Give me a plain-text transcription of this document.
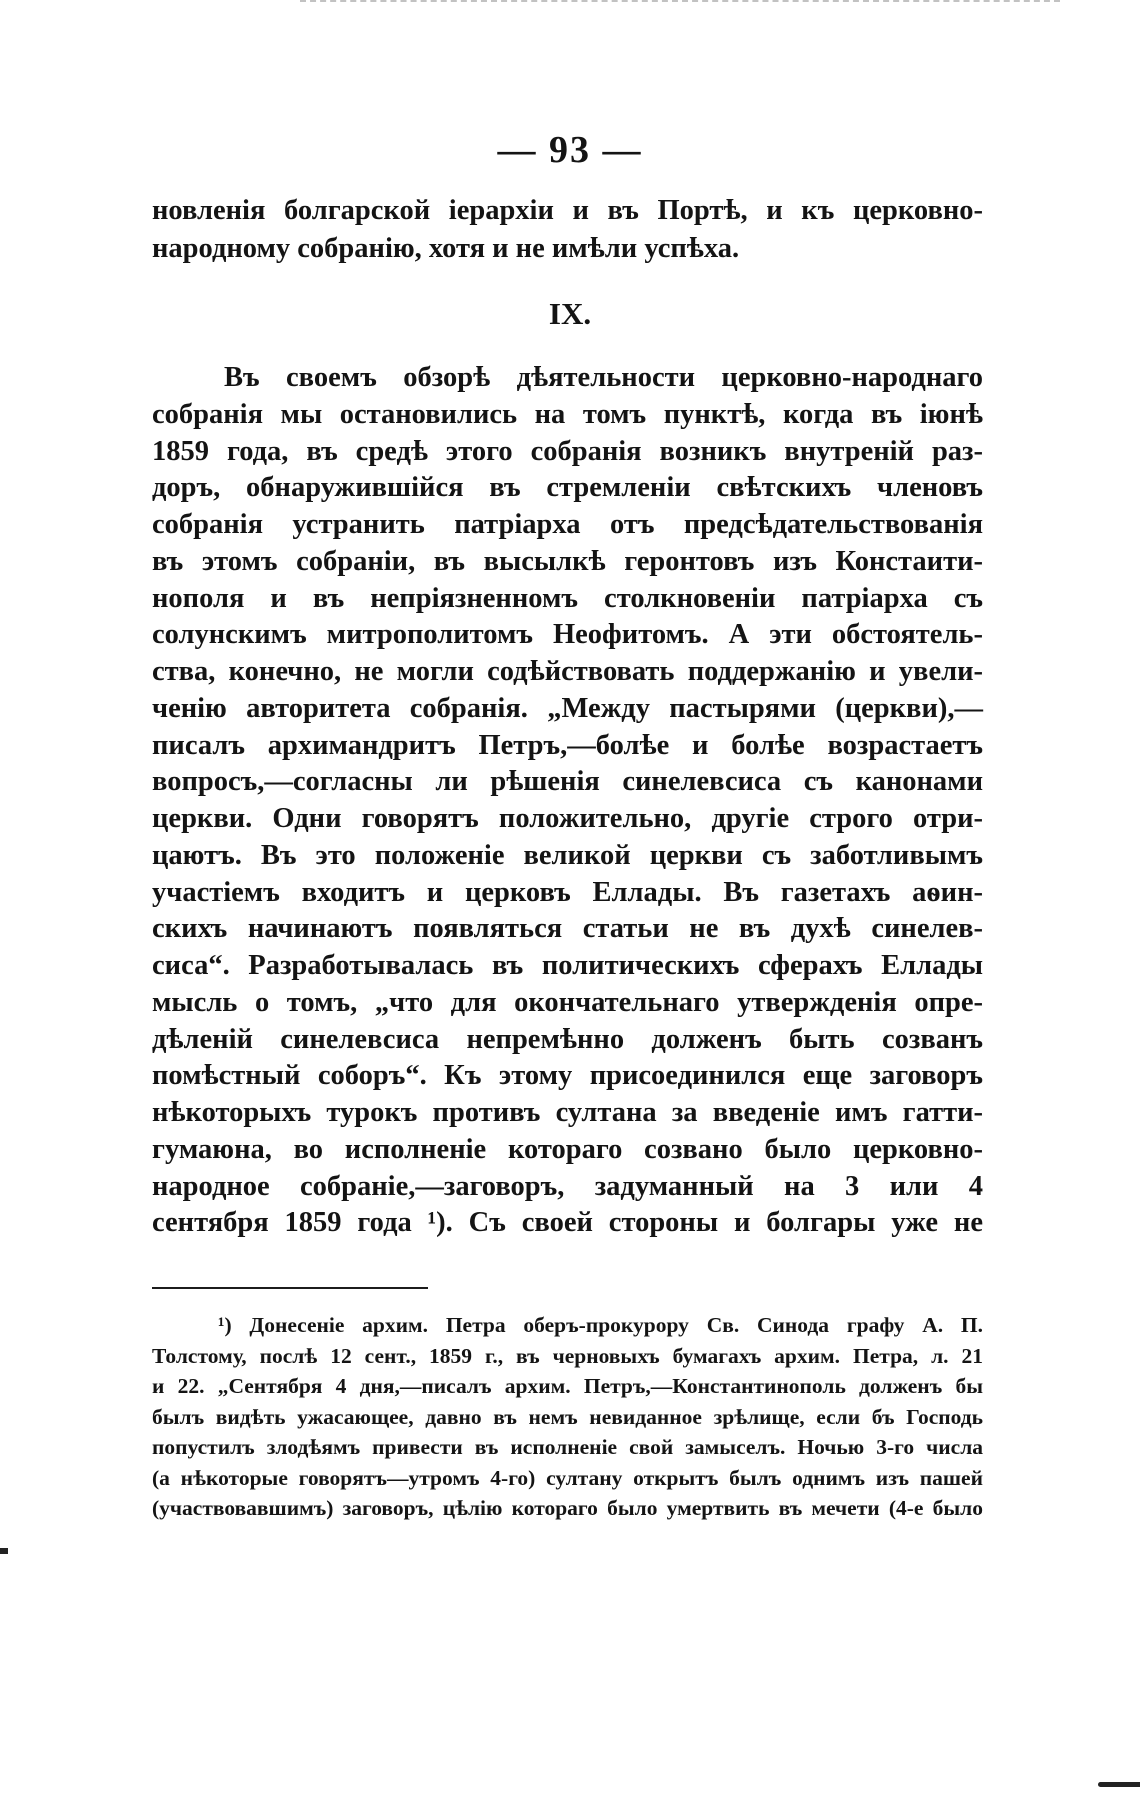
— 93 —
новленія болгарской іерархіи и въ Портѣ, и къ церковно-
народному собранію, хотя и не имѣли успѣха.
IX.
Въ своемъ обзорѣ дѣятельности церковно-народнаго
собранія мы остановились на томъ пунктѣ, когда въ іюнѣ
1859 года, въ средѣ этого собранія возникъ внутреній раз-
доръ, обнаружившійся въ стремленіи свѣтскихъ членовъ
собранія устранить патріарха отъ предсѣдательствованія
въ этомъ собраніи, въ высылкѣ геронтовъ изъ Констаити-
нополя и въ непріязненномъ столкновеніи патріарха съ
солунскимъ митрополитомъ Неофитомъ. А эти обстоятель-
ства, конечно, не могли содѣйствовать поддержанію и увели-
ченію авторитета собранія. „Между пастырями (церкви),—
писалъ архимандритъ Петръ,—болѣе и болѣе возрастаетъ
вопросъ,—согласны ли рѣшенія синелевсиса съ канонами
церкви. Одни говорятъ положительно, другіе строго отри-
цаютъ. Въ это положеніе великой церкви съ заботливымъ
участіемъ входитъ и церковъ Еллады. Въ газетахъ аѳин-
скихъ начинаютъ появляться статьи не въ духѣ синелев-
сиса“. Разработывалась въ политическихъ сферахъ Еллады
мысль о томъ, „что для окончательнаго утвержденія опре-
дѣленій синелевсиса непремѣнно долженъ быть созванъ
помѣстный соборъ“. Къ этому присоединился еще заговоръ
нѣкоторыхъ турокъ противъ султана за введеніе имъ гатти-
гумаюна, во исполненіе котораго созвано было церковно-
народное собраніе,—заговоръ, задуманный на 3 или 4
сентября 1859 года ¹). Съ своей стороны и болгары уже не
¹) Донесеніе архим. Петра оберъ-прокурору Св. Синода графу А. П.
Толстому, послѣ 12 сент., 1859 г., въ черновыхъ бумагахъ архим. Петра, л. 21
и 22. „Сентября 4 дня,—писалъ архим. Петръ,—Константинополь долженъ бы
былъ видѣть ужасающее, давно въ немъ невиданное зрѣлище, если бъ Господь
попустилъ злодѣямъ привести въ исполненіе свой замыселъ. Ночью 3-го числа
(а нѣкоторые говорятъ—утромъ 4-го) султану открытъ былъ однимъ изъ пашей
(участвовавшимъ) заговоръ, цѣлію котораго было умертвить въ мечети (4-е было
